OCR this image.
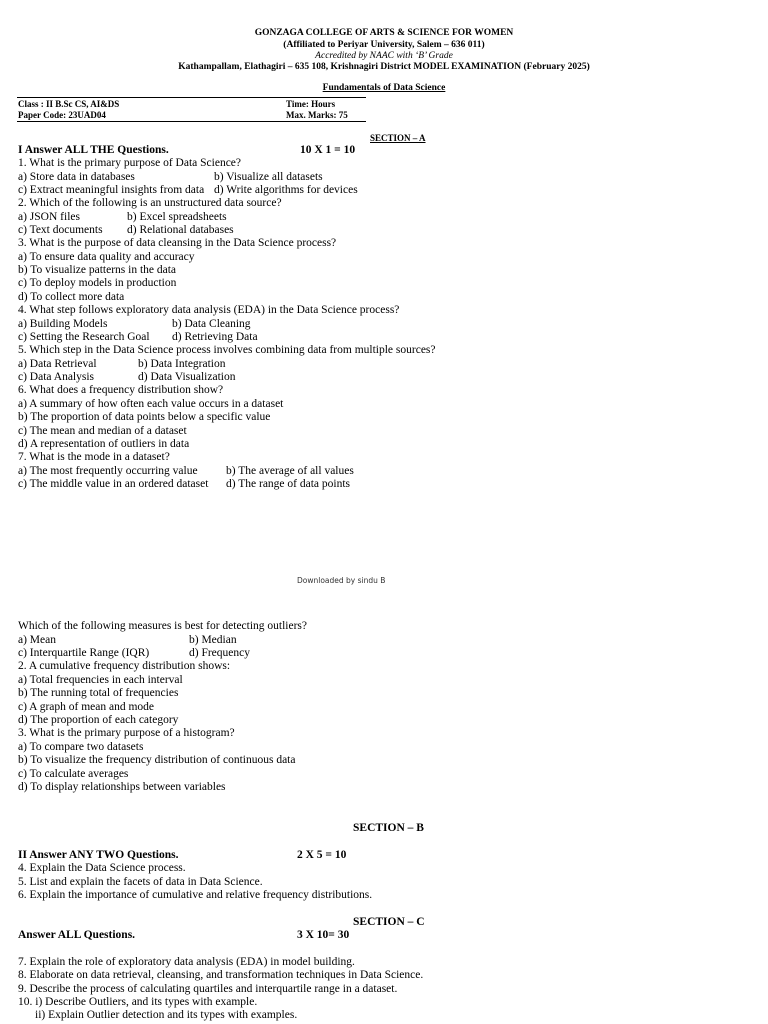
GONZAGA COLLEGE OF ARTS & SCIENCE FOR WOMEN
(Affiliated to Periyar University, Salem – 636 011)
Accredited by NAAC with ‘B’ Grade
Kathampallam, Elathagiri – 635 108, Krishnagiri District MODEL EXAMINATION (February 2025)
Fundamentals of Data Science
Class : II B.Sc CS, AI&DS	Time: Hours
Paper Code: 23UAD04	Max. Marks: 75
SECTION – A
I Answer ALL THE Questions.	10 X 1 = 10
1. What is the primary purpose of Data Science?
a) Store data in databases	b) Visualize all datasets
c) Extract meaningful insights from data d) Write algorithms for devices
2. Which of the following is an unstructured data source?
a) JSON files	b) Excel spreadsheets
c) Text documents d) Relational databases
3. What is the purpose of data cleansing in the Data Science process?
a) To ensure data quality and accuracy
b) To visualize patterns in the data
c) To deploy models in production
d) To collect more data
4. What step follows exploratory data analysis (EDA) in the Data Science process?
a) Building Models	b) Data Cleaning
c) Setting the Research Goal d) Retrieving Data
5. Which step in the Data Science process involves combining data from multiple sources?
a) Data Retrieval	b) Data Integration
c) Data Analysis	d) Data Visualization
6. What does a frequency distribution show?
a) A summary of how often each value occurs in a dataset
b) The proportion of data points below a specific value
c) The mean and median of a dataset
d) A representation of outliers in data
7. What is the mode in a dataset?
a) The most frequently occurring value b) The average of all values
c) The middle value in an ordered dataset d) The range of data points
Downloaded by sindu B
Which of the following measures is best for detecting outliers?
a) Mean	b) Median
c) Interquartile Range (IQR)	d) Frequency
2. A cumulative frequency distribution shows:
a) Total frequencies in each interval
b) The running total of frequencies
c) A graph of mean and mode
d) The proportion of each category
3. What is the primary purpose of a histogram?
a) To compare two datasets
b) To visualize the frequency distribution of continuous data
c) To calculate averages
d) To display relationships between variables
SECTION – B
II Answer ANY TWO Questions.	2 X 5 = 10
4. Explain the Data Science process.
5. List and explain the facets of data in Data Science.
6. Explain the importance of cumulative and relative frequency distributions.
SECTION – C
Answer ALL Questions.	3 X 10= 30
7. Explain the role of exploratory data analysis (EDA) in model building.
8. Elaborate on data retrieval, cleansing, and transformation techniques in Data Science.
9. Describe the process of calculating quartiles and interquartile range in a dataset.
10. i) Describe Outliers, and its types with example.
ii) Explain Outlier detection and its types with examples.
